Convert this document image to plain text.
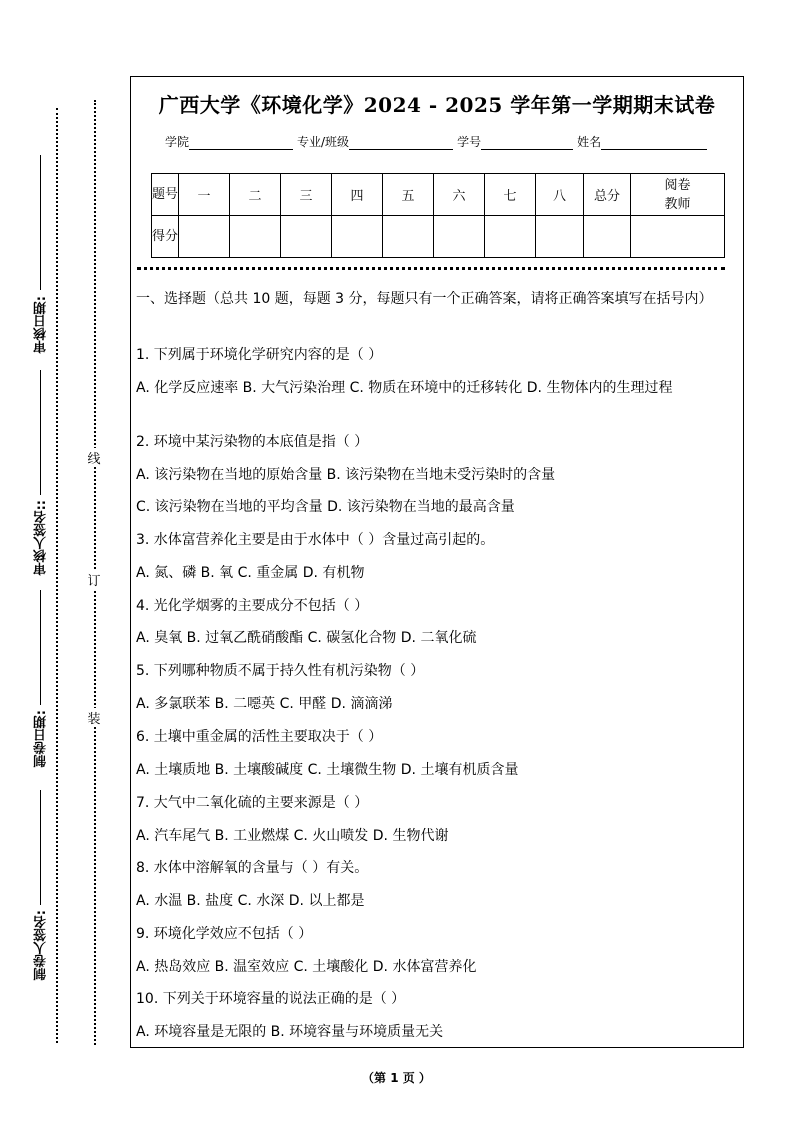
审核日期:
审核人签名::
制卷日期:
制卷人签名:
线
订
装
广西大学《环境化学》2024 - 2025 学年第一学期期末试卷
学院	专业/班级	学号	姓名
题号	一	二	三	四	五	六	七	八	总分	阅卷教师
得分										

一、选择题（总共 10 题，每题 3 分，每题只有一个正确答案，请将正确答案填写在括号内）

1. 下列属于环境化学研究内容的是（ ）
A. 化学反应速率 B. 大气污染治理 C. 物质在环境中的迁移转化 D. 生物体内的生理过程
2. 环境中某污染物的本底值是指（ ）
A. 该污染物在当地的原始含量 B. 该污染物在当地未受污染时的含量
C. 该污染物在当地的平均含量 D. 该污染物在当地的最高含量
3. 水体富营养化主要是由于水体中（ ）含量过高引起的。
A. 氮、磷 B. 氧 C. 重金属 D. 有机物
4. 光化学烟雾的主要成分不包括（ ）
A. 臭氧 B. 过氧乙酰硝酸酯 C. 碳氢化合物 D. 二氧化硫
5. 下列哪种物质不属于持久性有机污染物（ ）
A. 多氯联苯 B. 二噁英 C. 甲醛 D. 滴滴涕
6. 土壤中重金属的活性主要取决于（ ）
A. 土壤质地 B. 土壤酸碱度 C. 土壤微生物 D. 土壤有机质含量
7. 大气中二氧化硫的主要来源是（ ）
A. 汽车尾气 B. 工业燃煤 C. 火山喷发 D. 生物代谢
8. 水体中溶解氧的含量与（ ）有关。
A. 水温 B. 盐度 C. 水深 D. 以上都是
9. 环境化学效应不包括（ ）
A. 热岛效应 B. 温室效应 C. 土壤酸化 D. 水体富营养化
10. 下列关于环境容量的说法正确的是（ ）
A. 环境容量是无限的 B. 环境容量与环境质量无关
（第 1 页 ）
